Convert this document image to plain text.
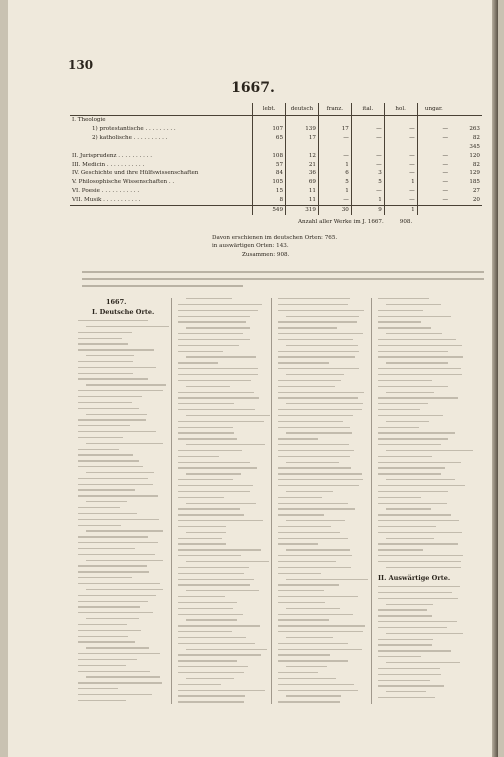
130
1667.
	lebt.	deutsch	franz.	ital.	hol.	ungar.	
I. Theologie							
1) protestantische . . . . . . . . .	107	139	17	—	—	—	263
2) katholische . . . . . . . . . .	65	17	—	—	—	—	82
							345
II. Jurisprudenz . . . . . . . . . .	108	12	—	—	—	—	120
III. Medicin . . . . . . . . . . .	57	21	1	—	—	—	82
IV. Geschichte und ihre Hülfswissenschaften	84	36	6	3	—	—	129
V. Philosophische Wissenschaften . .	105	69	5	5	1	—	185
VI. Poesie . . . . . . . . . . .	15	11	1	—	—	—	27
VII. Musik . . . . . . . . . . .	8	11	—	1	—	—	20
	549	319	30	9	1		
Anzahl aller Werke im J. 1667.	908.
Davon erschienen im deutschen Orten: 765.
in auswärtigen Orten: 143.
Zusammen: 908.
1667.
I. Deutsche Orte.
II. Auswärtige Orte.
